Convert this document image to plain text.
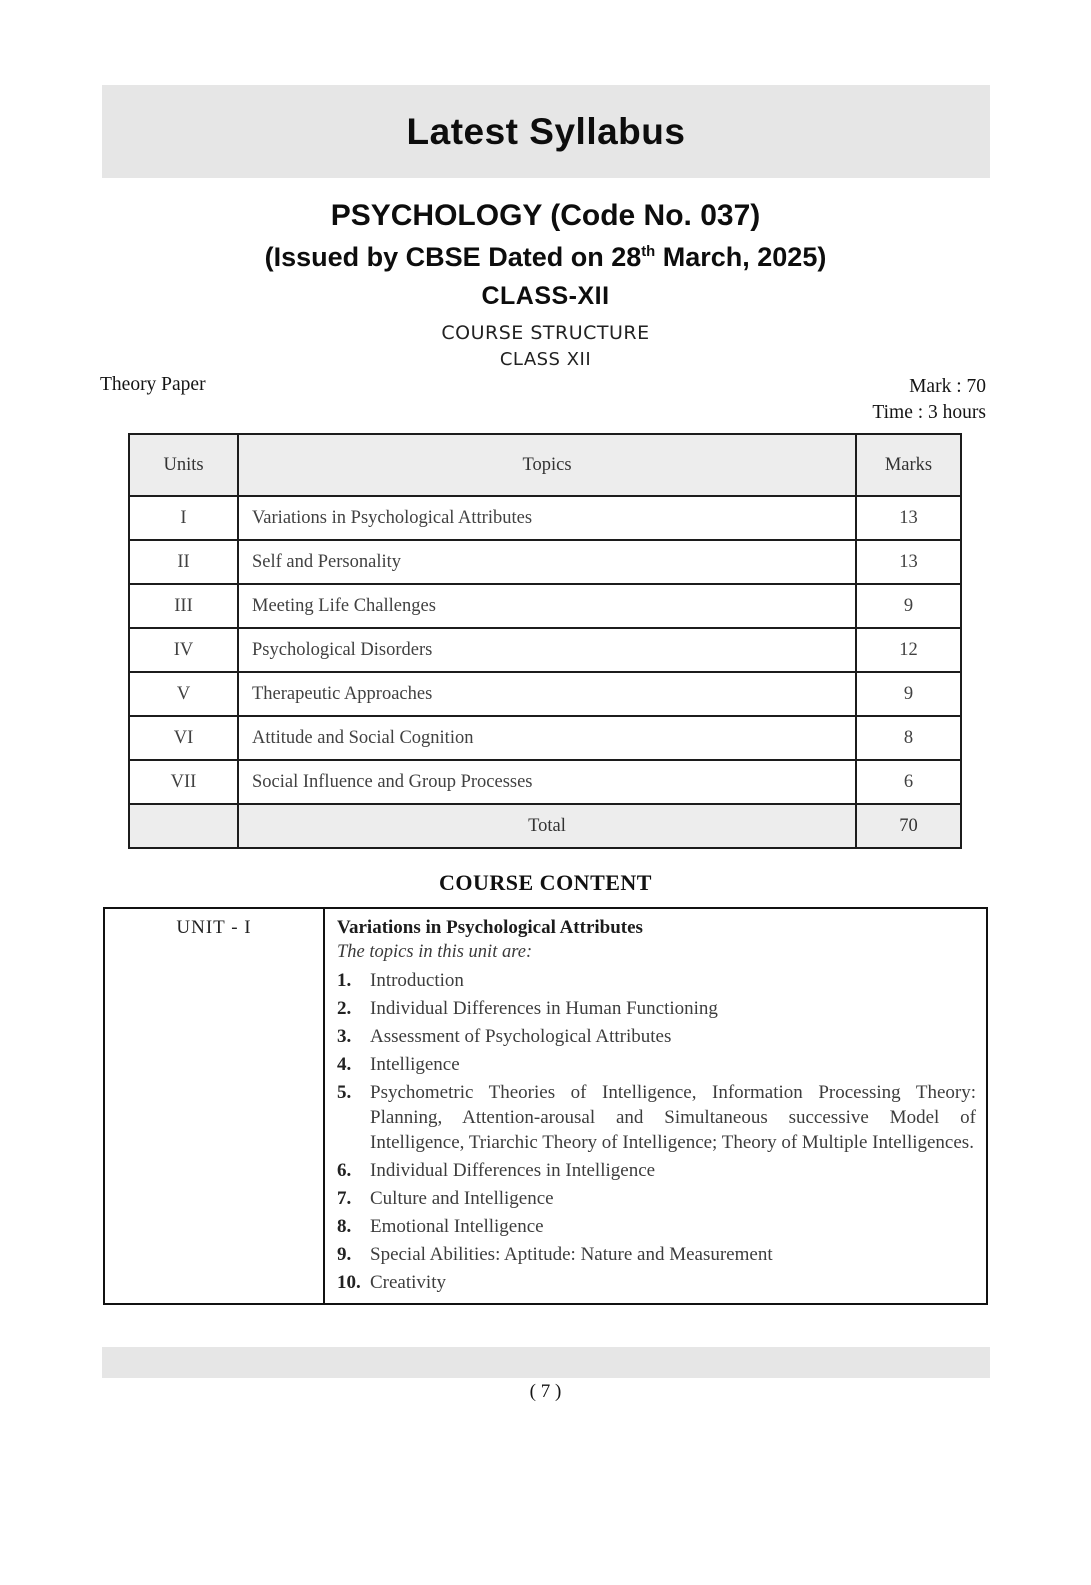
Latest Syllabus
PSYCHOLOGY (Code No. 037)
(Issued by CBSE Dated on 28th March, 2025)
CLASS-XII
COURSE STRUCTURE
CLASS XII
Theory Paper	Mark : 70
Time : 3 hours
Units	Topics	Marks
I	Variations in Psychological Attributes	13
II	Self and Personality	13
III	Meeting Life Challenges	9
IV	Psychological Disorders	12
V	Therapeutic Approaches	9
VI	Attitude and Social Cognition	8
VII	Social Influence and Group Processes	6
	Total	70
COURSE CONTENT
UNIT - I	Variations in Psychological Attributes
The topics in this unit are:
1. Introduction
2. Individual Differences in Human Functioning
3. Assessment of Psychological Attributes
4. Intelligence
5. Psychometric Theories of Intelligence, Information Processing Theory: Planning, Attention-arousal and Simultaneous successive Model of Intelligence, Triarchic Theory of Intelligence; Theory of Multiple Intelligences.
6. Individual Differences in Intelligence
7. Culture and Intelligence
8. Emotional Intelligence
9. Special Abilities: Aptitude: Nature and Measurement
10. Creativity
( 7 )
